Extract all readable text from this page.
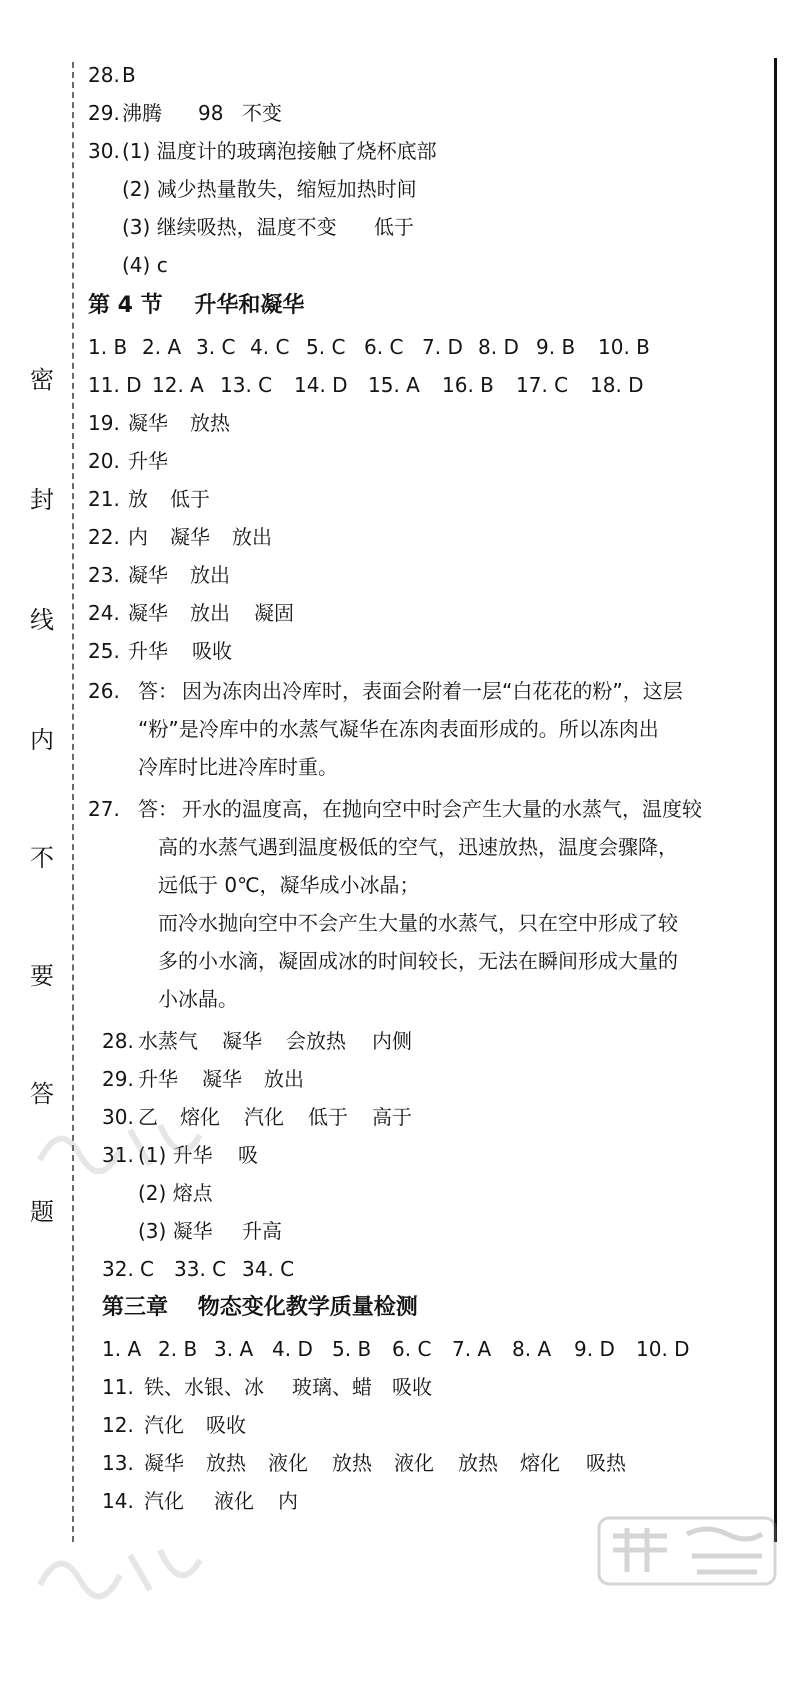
密
封
线
内
不
要
答
题

28.

B

29.

沸腾

98

不变

30.

(1) 温度计的玻璃泡接触了烧杯底部

(2) 减少热量散失，缩短加热时间

(3) 继续吸热，温度不变

低于

(4) c

第 4 节 升华和凝华
1. B 2. A 3. C 4. C 5. C 6. C 7. D 8. D 9. B	10. B
11. D 12. A 13. C	14. D	15. A	16. B	17. C	18. D

19.

凝华

放热

20.

升华

21.

放

低于

22.

内

凝华

放出

23.

凝华

放出

24.

凝华

放出

凝固

25.

升华

吸收

26. 答： 因为冻肉出冷库时，表面会附着一层“白花花的粉”，这层
“粉”是冷库中的水蒸气凝华在冻肉表面形成的。所以冻肉出
冷库时比进冷库时重。
27. 答： 开水的温度高，在抛向空中时会产生大量的水蒸气，温度较
高的水蒸气遇到温度极低的空气，迅速放热，温度会骤降，
远低于 0℃，凝华成小冰晶；
而冷水抛向空中不会产生大量的水蒸气，只在空中形成了较
多的小水滴，凝固成冰的时间较长，无法在瞬间形成大量的
小冰晶。

28.

水蒸气

凝华

会放热

内侧

29.

升华

凝华

放出

30.

乙

熔化

汽化

低于

高于

31.

(1) 升华

吸

(2) 熔点

(3) 凝华

升高

32.

C

33. C

34. C

第三章 物态变化教学质量检测
1. A 2. B 3. A 4. D 5. B	6. C	7. A	8. A	9. D	10. D

11.

铁、水银、冰

玻璃、蜡

吸收

12.

汽化

吸收

13.

凝华

放热

液化

放热

液化

放热

熔化

吸热

14.

汽化

液化

内
